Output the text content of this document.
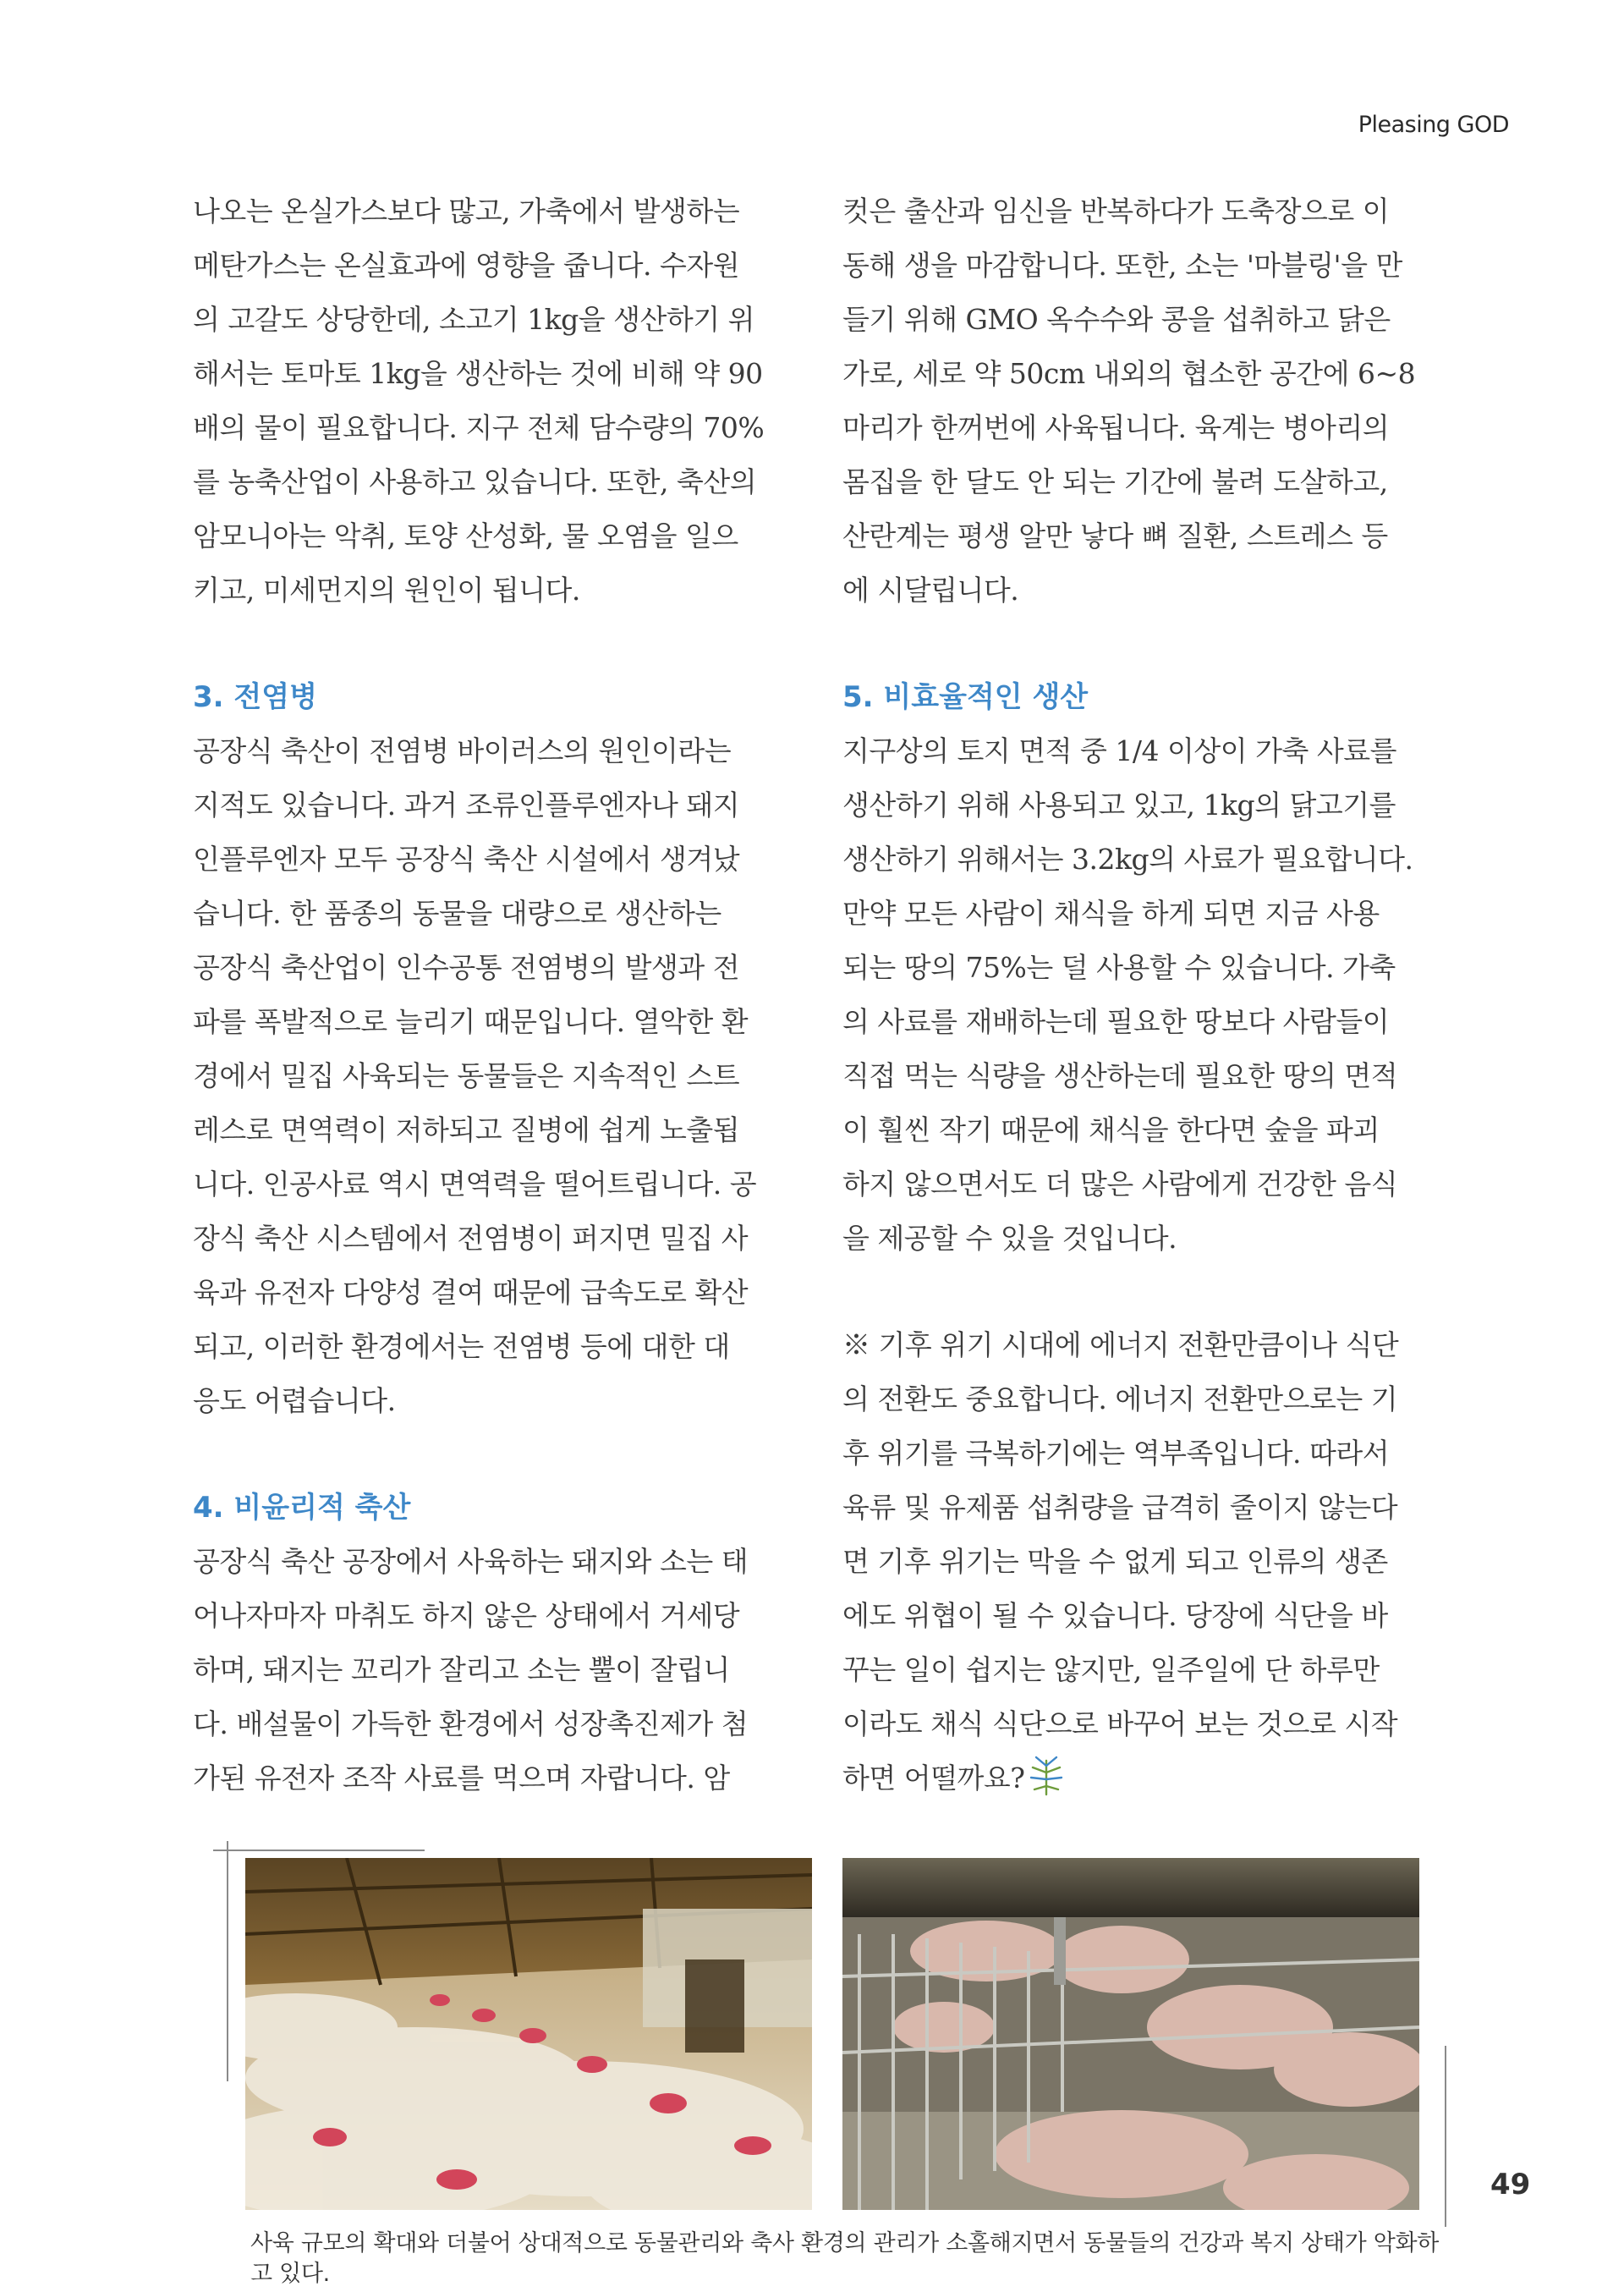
Pleasing GOD

나오는 온실가스보다 많고, 가축에서 발생하는

메탄가스는 온실효과에 영향을 줍니다. 수자원

의 고갈도 상당한데, 소고기 1kg을 생산하기 위

해서는 토마토 1kg을 생산하는 것에 비해 약 90

배의 물이 필요합니다. 지구 전체 담수량의 70%

를 농축산업이 사용하고 있습니다. 또한, 축산의

암모니아는 악취, 토양 산성화, 물 오염을 일으

키고, 미세먼지의 원인이 됩니다.

3. 전염병

공장식 축산이 전염병 바이러스의 원인이라는

지적도 있습니다. 과거 조류인플루엔자나 돼지

인플루엔자 모두 공장식 축산 시설에서 생겨났

습니다. 한 품종의 동물을 대량으로 생산하는

공장식 축산업이 인수공통 전염병의 발생과 전

파를 폭발적으로 늘리기 때문입니다. 열악한 환

경에서 밀집 사육되는 동물들은 지속적인 스트

레스로 면역력이 저하되고 질병에 쉽게 노출됩

니다. 인공사료 역시 면역력을 떨어트립니다. 공

장식 축산 시스템에서 전염병이 퍼지면 밀집 사

육과 유전자 다양성 결여 때문에 급속도로 확산

되고, 이러한 환경에서는 전염병 등에 대한 대

응도 어렵습니다.

4. 비윤리적 축산

공장식 축산 공장에서 사육하는 돼지와 소는 태

어나자마자 마취도 하지 않은 상태에서 거세당

하며, 돼지는 꼬리가 잘리고 소는 뿔이 잘립니

다. 배설물이 가득한 환경에서 성장촉진제가 첨

가된 유전자 조작 사료를 먹으며 자랍니다. 암

컷은 출산과 임신을 반복하다가 도축장으로 이

동해 생을 마감합니다. 또한, 소는 '마블링'을 만

들기 위해 GMO 옥수수와 콩을 섭취하고 닭은

가로, 세로 약 50cm 내외의 협소한 공간에 6~8

마리가 한꺼번에 사육됩니다. 육계는 병아리의

몸집을 한 달도 안 되는 기간에 불려 도살하고,

산란계는 평생 알만 낳다 뼈 질환, 스트레스 등

에 시달립니다.

5. 비효율적인 생산

지구상의 토지 면적 중 1/4 이상이 가축 사료를

생산하기 위해 사용되고 있고, 1kg의 닭고기를

생산하기 위해서는 3.2kg의 사료가 필요합니다.

만약 모든 사람이 채식을 하게 되면 지금 사용

되는 땅의 75%는 덜 사용할 수 있습니다. 가축

의 사료를 재배하는데 필요한 땅보다 사람들이

직접 먹는 식량을 생산하는데 필요한 땅의 면적

이 훨씬 작기 때문에 채식을 한다면 숲을 파괴

하지 않으면서도 더 많은 사람에게 건강한 음식

을 제공할 수 있을 것입니다.

※ 기후 위기 시대에 에너지 전환만큼이나 식단

의 전환도 중요합니다. 에너지 전환만으로는 기

후 위기를 극복하기에는 역부족입니다. 따라서

육류 및 유제품 섭취량을 급격히 줄이지 않는다

면 기후 위기는 막을 수 없게 되고 인류의 생존

에도 위협이 될 수 있습니다. 당장에 식단을 바

꾸는 일이 쉽지는 않지만, 일주일에 단 하루만

이라도 채식 식단으로 바꾸어 보는 것으로 시작

하면 어떨까요?

49
사육 규모의 확대와 더불어 상대적으로 동물관리와 축사 환경의 관리가 소홀해지면서 동물들의 건강과 복지 상태가 악화하고 있다.
